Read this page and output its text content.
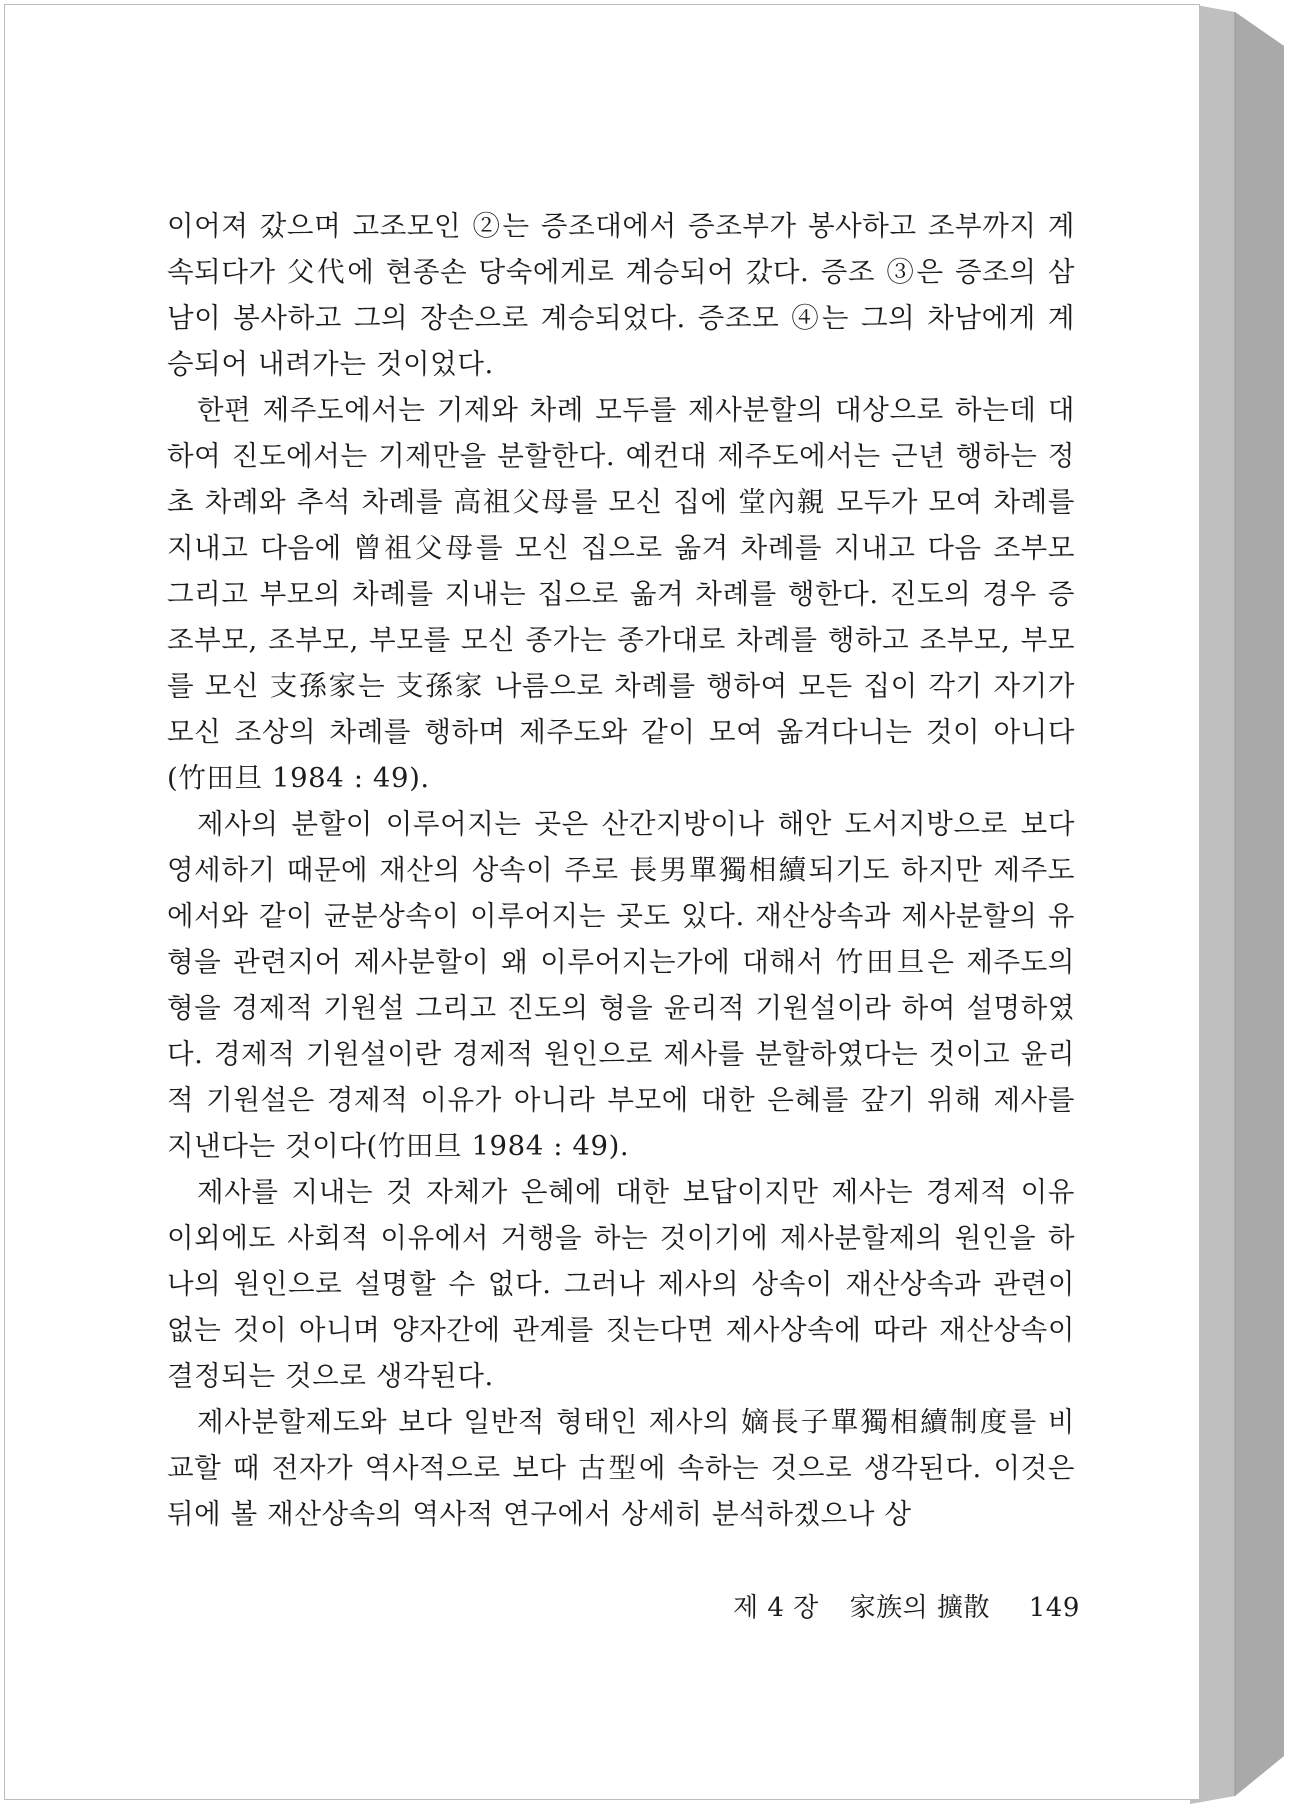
이어져 갔으며 고조모인 ②는 증조대에서 증조부가 봉사하고 조부까지 계속되다가 父代에 현종손 당숙에게로 계승되어 갔다. 증조 ③은 증조의 삼남이 봉사하고 그의 장손으로 계승되었다. 증조모 ④는 그의 차남에게 계승되어 내려가는 것이었다.

한편 제주도에서는 기제와 차례 모두를 제사분할의 대상으로 하는데 대하여 진도에서는 기제만을 분할한다. 예컨대 제주도에서는 근년 행하는 정초 차례와 추석 차례를 高祖父母를 모신 집에 堂內親 모두가 모여 차례를 지내고 다음에 曾祖父母를 모신 집으로 옮겨 차례를 지내고 다음 조부모 그리고 부모의 차례를 지내는 집으로 옮겨 차례를 행한다. 진도의 경우 증조부모, 조부모, 부모를 모신 종가는 종가대로 차례를 행하고 조부모, 부모를 모신 支孫家는 支孫家 나름으로 차례를 행하여 모든 집이 각기 자기가 모신 조상의 차례를 행하며 제주도와 같이 모여 옮겨다니는 것이 아니다(竹田旦 1984 : 49).

제사의 분할이 이루어지는 곳은 산간지방이나 해안 도서지방으로 보다 영세하기 때문에 재산의 상속이 주로 長男單獨相續되기도 하지만 제주도에서와 같이 균분상속이 이루어지는 곳도 있다. 재산상속과 제사분할의 유형을 관련지어 제사분할이 왜 이루어지는가에 대해서 竹田旦은 제주도의 형을 경제적 기원설 그리고 진도의 형을 윤리적 기원설이라 하여 설명하였다. 경제적 기원설이란 경제적 원인으로 제사를 분할하였다는 것이고 윤리적 기원설은 경제적 이유가 아니라 부모에 대한 은혜를 갚기 위해 제사를 지낸다는 것이다(竹田旦 1984 : 49).

제사를 지내는 것 자체가 은혜에 대한 보답이지만 제사는 경제적 이유 이외에도 사회적 이유에서 거행을 하는 것이기에 제사분할제의 원인을 하나의 원인으로 설명할 수 없다. 그러나 제사의 상속이 재산상속과 관련이 없는 것이 아니며 양자간에 관계를 짓는다면 제사상속에 따라 재산상속이 결정되는 것으로 생각된다.

제사분할제도와 보다 일반적 형태인 제사의 嫡長子單獨相續制度를 비교할 때 전자가 역사적으로 보다 古型에 속하는 것으로 생각된다. 이것은 뒤에 볼 재산상속의 역사적 연구에서 상세히 분석하겠으나 상

제 4 장 家族의 擴散 149
